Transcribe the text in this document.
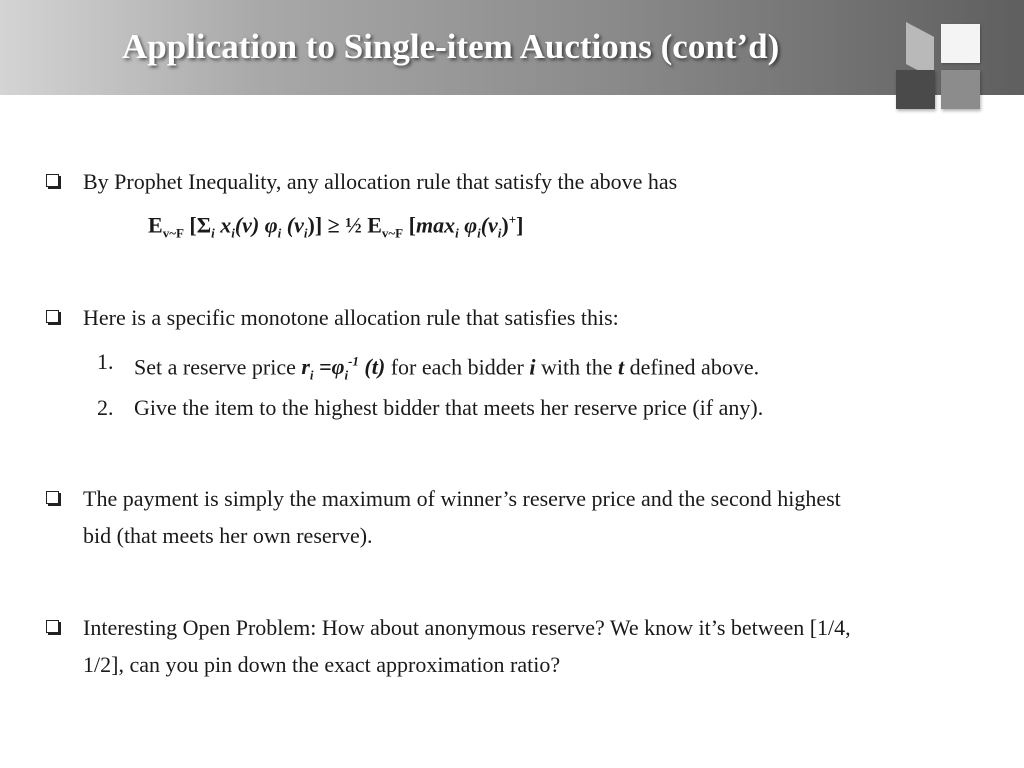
Application to Single-item Auctions (cont’d)
By Prophet Inequality, any allocation rule that satisfy the above has
$E_{v\sim F}$ [$\Sigma_i$ $x_i(v)$ $\varphi_i$ $(v_i)$] ≥ ½ $E_{v\sim F}$ [$\max_i$ $\varphi_i(v_i)^+$]
Here is a specific monotone allocation rule that satisfies this:
1. Set a reserve price $r_i =\varphi_i^{-1}$ (t) for each bidder i with the t defined above.
2. Give the item to the highest bidder that meets her reserve price (if any).
The payment is simply the maximum of winner’s reserve price and the second highest
bid (that meets her own reserve).
Interesting Open Problem: How about anonymous reserve? We know it’s between [1/4,
1/2], can you pin down the exact approximation ratio?
